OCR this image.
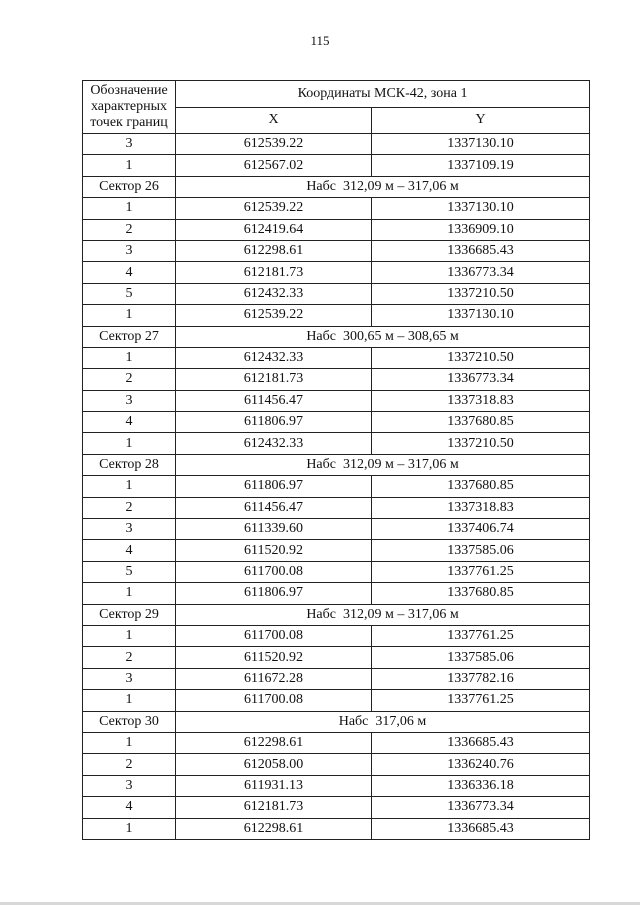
115
Обозначение
характерных
точек границ	Координаты МСК-42, зона 1	
	X	Y
3	612539.22	1337130.10
1	612567.02	1337109.19
Сектор 26	Набс  312,09 м – 317,06 м	
1	612539.22	1337130.10
2	612419.64	1336909.10
3	612298.61	1336685.43
4	612181.73	1336773.34
5	612432.33	1337210.50
1	612539.22	1337130.10
Сектор 27	Набс  300,65 м – 308,65 м	
1	612432.33	1337210.50
2	612181.73	1336773.34
3	611456.47	1337318.83
4	611806.97	1337680.85
1	612432.33	1337210.50
Сектор 28	Набс  312,09 м – 317,06 м	
1	611806.97	1337680.85
2	611456.47	1337318.83
3	611339.60	1337406.74
4	611520.92	1337585.06
5	611700.08	1337761.25
1	611806.97	1337680.85
Сектор 29	Набс  312,09 м – 317,06 м	
1	611700.08	1337761.25
2	611520.92	1337585.06
3	611672.28	1337782.16
1	611700.08	1337761.25
Сектор 30	Набс  317,06 м	
1	612298.61	1336685.43
2	612058.00	1336240.76
3	611931.13	1336336.18
4	612181.73	1336773.34
1	612298.61	1336685.43
